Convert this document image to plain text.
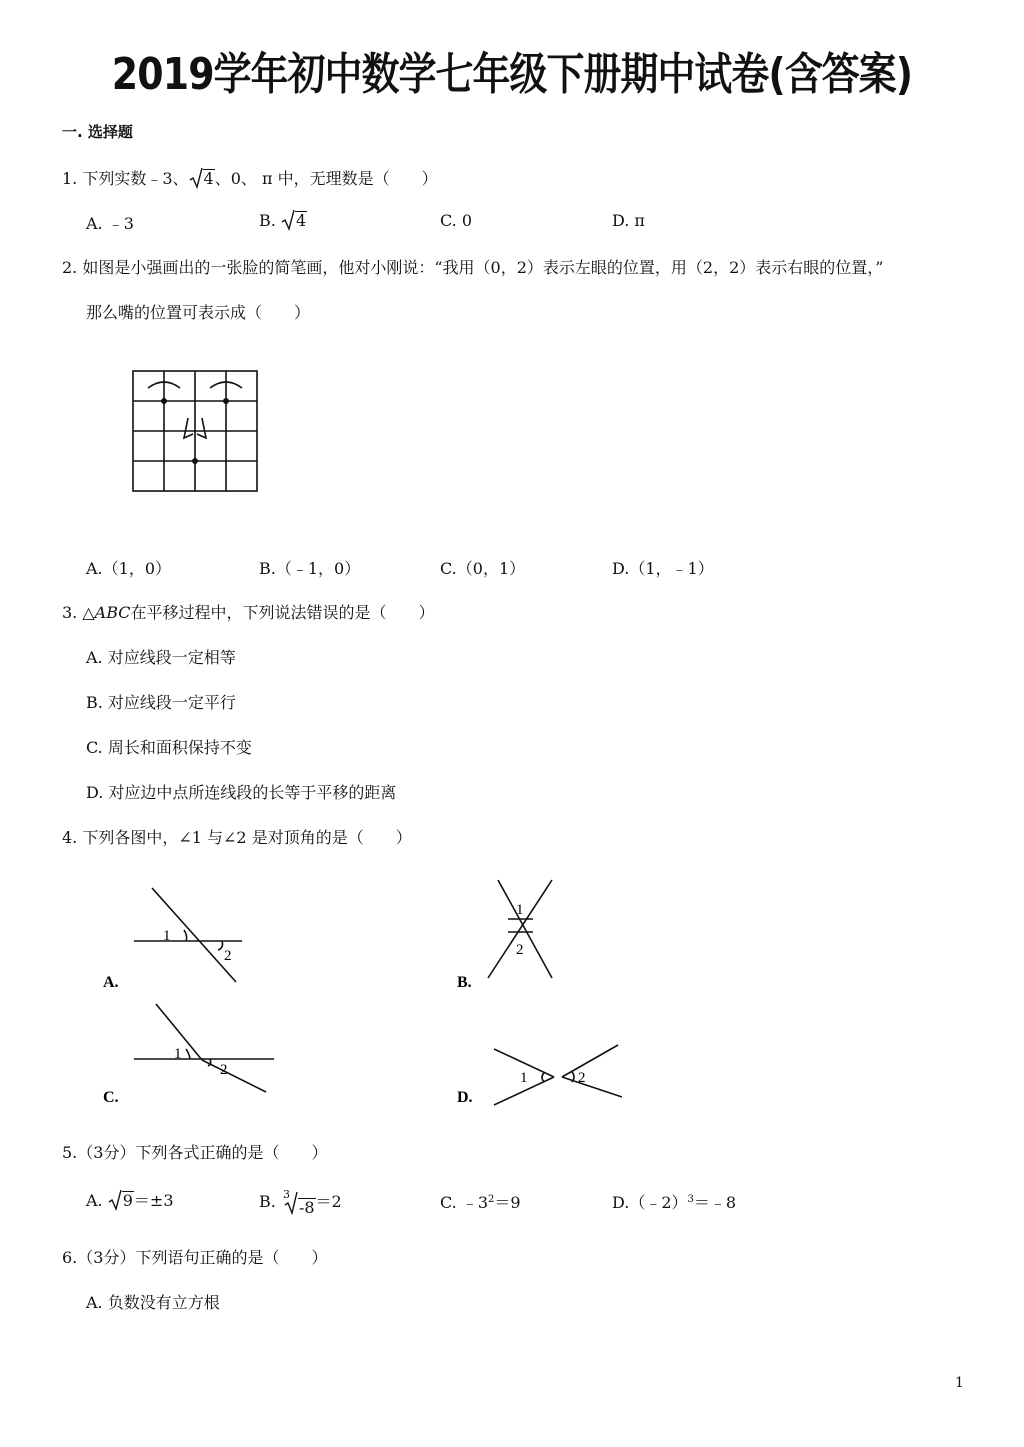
2019学年初中数学七年级下册期中试卷(含答案)
一. 选择题
1. 下列实数﹣3、 4、0、 π 中，无理数是（　　）
A. ﹣3	B. 4	C. 0	D. π
2. 如图是小强画出的一张脸的简笔画，他对小刚说：“我用（0，2）表示左眼的位置，用（2，2）表示右眼的位置，”
那么嘴的位置可表示成（　　）
A.（1，0）	B.（﹣1，0）	C.（0，1）	D.（1，﹣1）
3. △ABC在平移过程中，下列说法错误的是（　　）
A. 对应线段一定相等
B. 对应线段一定平行
C. 周长和面积保持不变
D. 对应边中点所连线段的长等于平移的距离
4. 下列各图中，∠1 与∠2 是对顶角的是（　　）
1
2
A.
1
2
B.
1
2
C.
1	2
D.
5.（3分）下列各式正确的是（　　）
A. 9＝±3	B. $^3$-8＝2	C. $﹣3^2=9$	D.（﹣2）$^3$＝﹣8
6.（3分）下列语句正确的是（　　）
A. 负数没有立方根
1
